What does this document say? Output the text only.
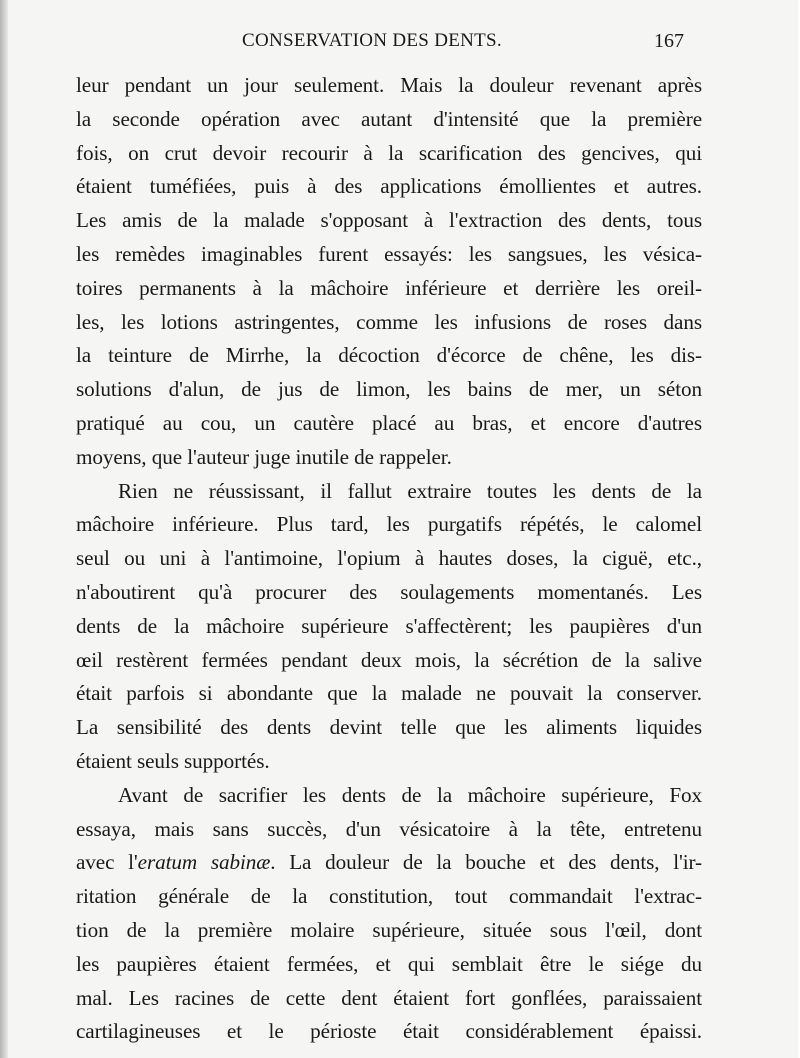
CONSERVATION DES DENTS.	167
leur pendant un jour seulement. Mais la douleur revenant après
la seconde opération avec autant d'intensité que la première
fois, on crut devoir recourir à la scarification des gencives, qui
étaient tuméfiées, puis à des applications émollientes et autres.
Les amis de la malade s'opposant à l'extraction des dents, tous
les remèdes imaginables furent essayés: les sangsues, les vésica-
toires permanents à la mâchoire inférieure et derrière les oreil-
les, les lotions astringentes, comme les infusions de roses dans
la teinture de Mirrhe, la décoction d'écorce de chêne, les dis-
solutions d'alun, de jus de limon, les bains de mer, un séton
pratiqué au cou, un cautère placé au bras, et encore d'autres
moyens, que l'auteur juge inutile de rappeler.
Rien ne réussissant, il fallut extraire toutes les dents de la
mâchoire inférieure. Plus tard, les purgatifs répétés, le calomel
seul ou uni à l'antimoine, l'opium à hautes doses, la ciguë, etc.,
n'aboutirent qu'à procurer des soulagements momentanés. Les
dents de la mâchoire supérieure s'affectèrent; les paupières d'un
œil restèrent fermées pendant deux mois, la sécrétion de la salive
était parfois si abondante que la malade ne pouvait la conserver.
La sensibilité des dents devint telle que les aliments liquides
étaient seuls supportés.
Avant de sacrifier les dents de la mâchoire supérieure, Fox
essaya, mais sans succès, d'un vésicatoire à la tête, entretenu
avec l'eratum sabinæ. La douleur de la bouche et des dents, l'ir-
ritation générale de la constitution, tout commandait l'extrac-
tion de la première molaire supérieure, située sous l'œil, dont
les paupières étaient fermées, et qui semblait être le siége du
mal. Les racines de cette dent étaient fort gonflées, paraissaient
cartilagineuses et le périoste était considérablement épaissi.
